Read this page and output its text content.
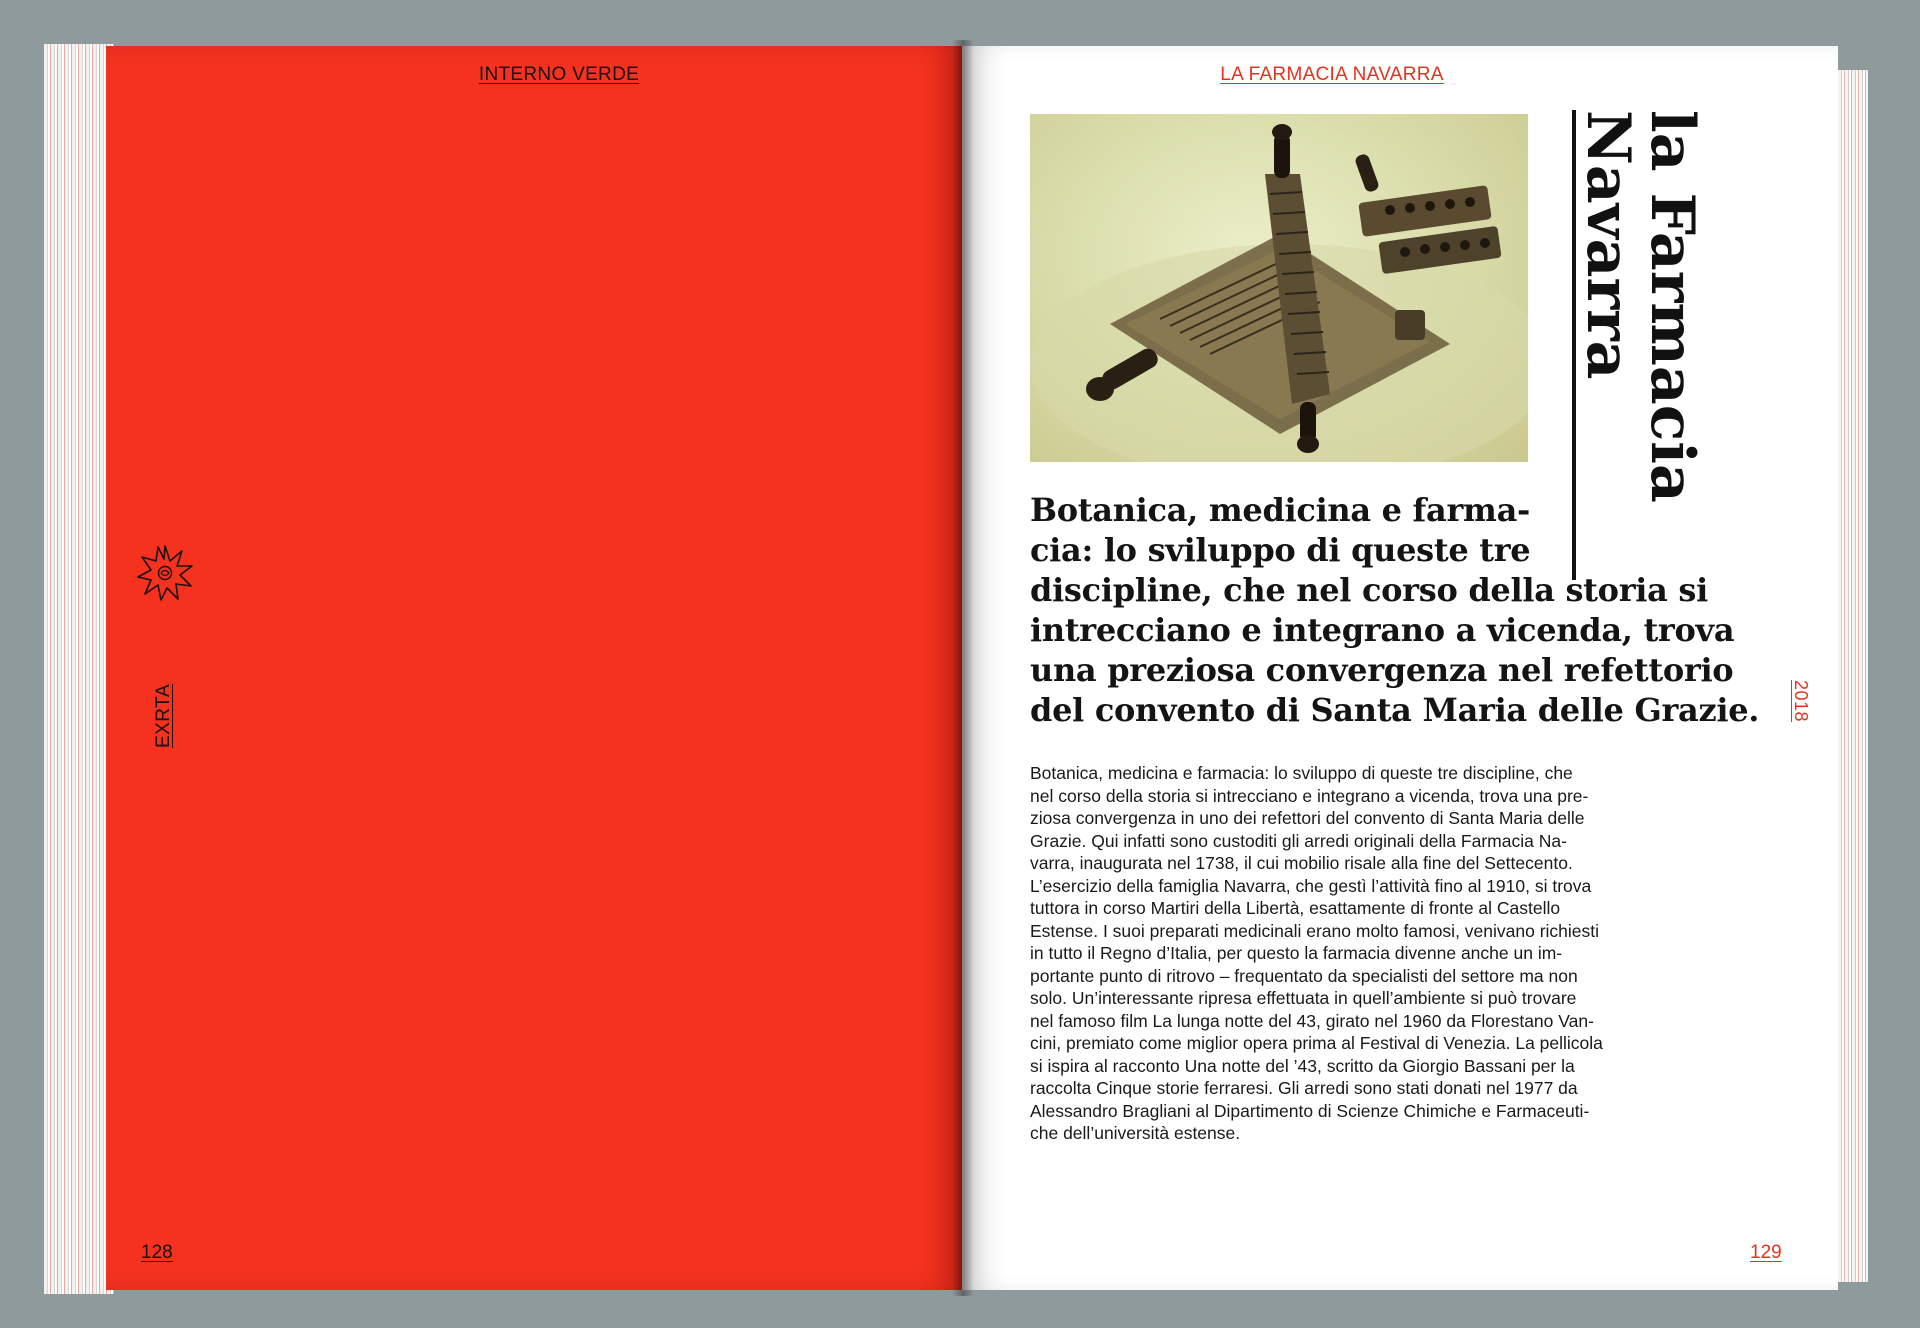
INTERNO VERDE
EXRTA
128
LA FARMACIA NAVARRA
la Farmacia
Navarra
2018
Botanica, medicina e farma-
cia: lo sviluppo di queste tre
discipline, che nel corso della storia si
intrecciano e integrano a vicenda, trova
una preziosa convergenza nel refettorio
del convento di Santa Maria delle Grazie.
Botanica, medicina e farmacia: lo sviluppo di queste tre discipline, che
nel corso della storia si intrecciano e integrano a vicenda, trova una pre-
ziosa convergenza in uno dei refettori del convento di Santa Maria delle
Grazie. Qui infatti sono custoditi gli arredi originali della Farmacia Na-
varra, inaugurata nel 1738, il cui mobilio risale alla fine del Settecento.
L’esercizio della famiglia Navarra, che gestì l’attività fino al 1910, si trova
tuttora in corso Martiri della Libertà, esattamente di fronte al Castello
Estense. I suoi preparati medicinali erano molto famosi, venivano richiesti
in tutto il Regno d’Italia, per questo la farmacia divenne anche un im-
portante punto di ritrovo – frequentato da specialisti del settore ma non
solo. Un’interessante ripresa effettuata in quell’ambiente si può trovare
nel famoso film La lunga notte del 43, girato nel 1960 da Florestano Van-
cini, premiato come miglior opera prima al Festival di Venezia. La pellicola
si ispira al racconto Una notte del ’43, scritto da Giorgio Bassani per la
raccolta Cinque storie ferraresi. Gli arredi sono stati donati nel 1977 da
Alessandro Bragliani al Dipartimento di Scienze Chimiche e Farmaceuti-
che dell’università estense.
129
